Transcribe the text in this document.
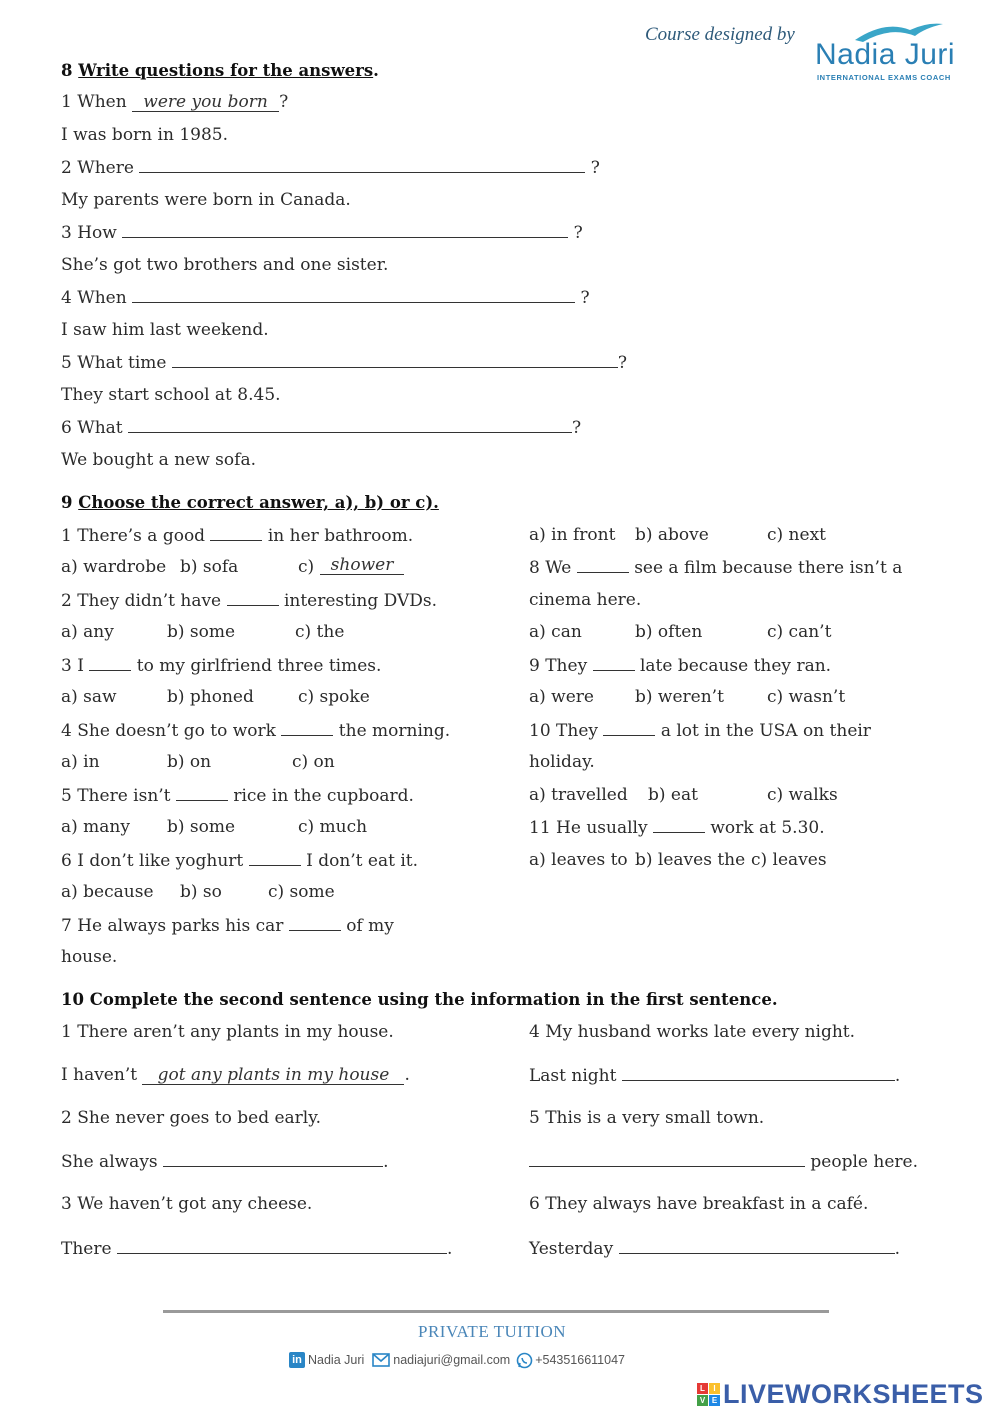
Course designed by
Nadia Juri
INTERNATIONAL EXAMS COACH
8 Write questions for the answers.
1 When were you born ?
I was born in 1985.
2 Where	?
My parents were born in Canada.
3 How	?
She’s got two brothers and one sister.
4 When	?
I saw him last weekend.
5 What time	?
They start school at 8.45.
6 What	?
We bought a new sofa.
9 Choose the correct answer, a), b) or c).
1 There’s a good	in her bathroom.
a) wardrobe b) sofa	c) shower
2 They didn’t have	interesting DVDs.
a) any	b) some	c) the
3 I	to my girlfriend three times.
a) saw	b) phoned	c) spoke
4 She doesn’t go to work	the morning.
a) in	b) on	c) on
5 There isn’t	rice in the cupboard.
a) many b) some	c) much
6 I don’t like yoghurt	I don’t eat it.
a) because b) so	c) some
7 He always parks his car	of my
house.
a) in front b) above	c) next
8 We	see a film because there isn’t a
cinema here.
a) can	b) often	c) can’t
9 They	late because they ran.
a) were b) weren’t	c) wasn’t
10 They	a lot in the USA on their
holiday.
a) travelled b) eat	c) walks
11 He usually	work at 5.30.
a) leaves to b) leaves the c) leaves
10 Complete the second sentence using the information in the first sentence.
1 There aren’t any plants in my house.
I haven’t got any plants in my house .
2 She never goes to bed early.
She always	.
3 We haven’t got any cheese.
There	.
4 My husband works late every night.
Last night	.
5 This is a very small town.
people here.
6 They always have breakfast in a café.
Yesterday	.
PRIVATE TUITION
in Nadia Juri nadiajuri@gmail.com +543516611047
L	I
V E LIVEWORKSHEETS
